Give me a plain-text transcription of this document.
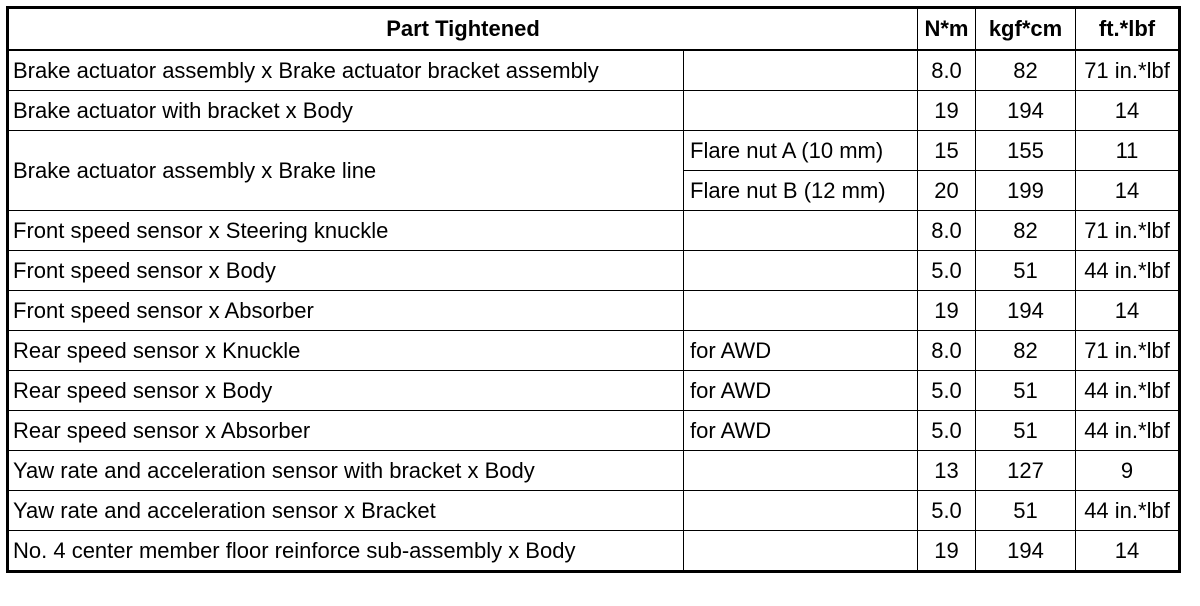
Part Tightened		N*m	kgf*cm	ft.*lbf
Brake actuator assembly x Brake actuator bracket assembly		8.0	82	71 in.*lbf
Brake actuator with bracket x Body		19	194	14
Brake actuator assembly x Brake line	Flare nut A (10 mm)	15	155	11
	Flare nut B (12 mm)	20	199	14
Front speed sensor x Steering knuckle		8.0	82	71 in.*lbf
Front speed sensor x Body		5.0	51	44 in.*lbf
Front speed sensor x Absorber		19	194	14
Rear speed sensor x Knuckle	for AWD	8.0	82	71 in.*lbf
Rear speed sensor x Body	for AWD	5.0	51	44 in.*lbf
Rear speed sensor x Absorber	for AWD	5.0	51	44 in.*lbf
Yaw rate and acceleration sensor with bracket x Body		13	127	9
Yaw rate and acceleration sensor x Bracket		5.0	51	44 in.*lbf
No. 4 center member floor reinforce sub-assembly x Body		19	194	14
